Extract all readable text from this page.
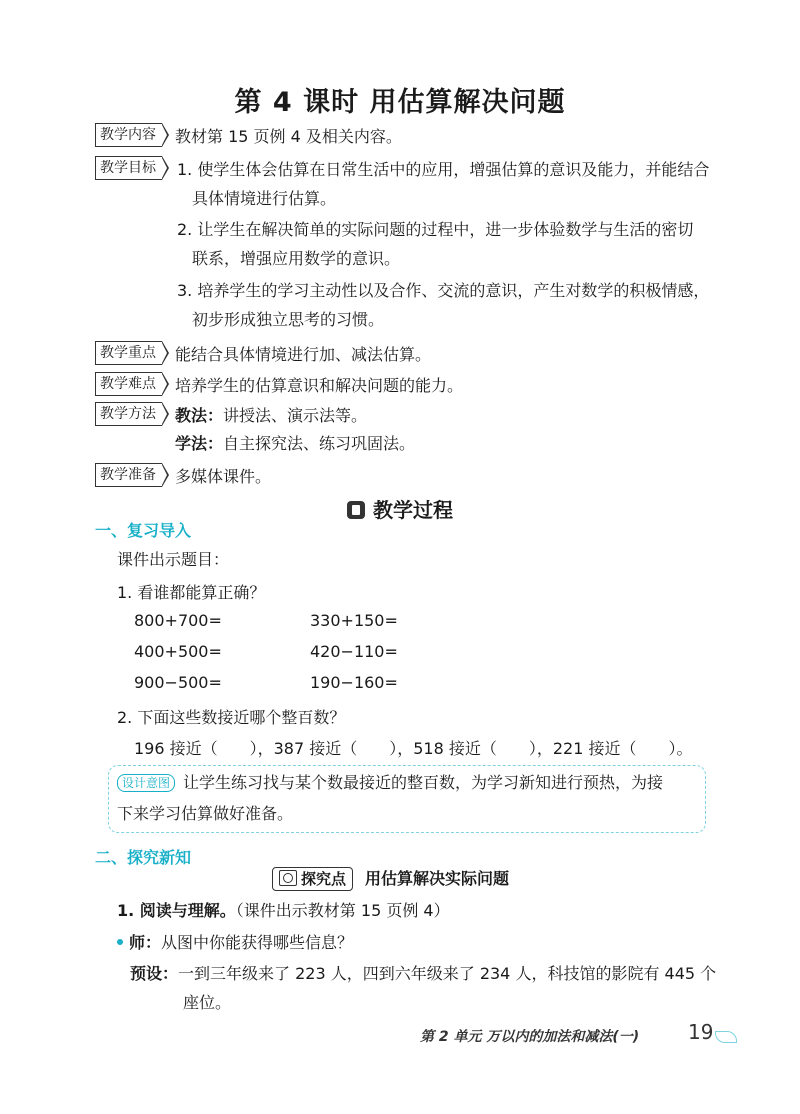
第 4 课时 用估算解决问题
教学内容	教材第 15 页例 4 及相关内容。
教学目标	1. 使学生体会估算在日常生活中的应用，增强估算的意识及能力，并能结合
具体情境进行估算。
2. 让学生在解决简单的实际问题的过程中，进一步体验数学与生活的密切
联系，增强应用数学的意识。
3. 培养学生的学习主动性以及合作、交流的意识，产生对数学的积极情感，
初步形成独立思考的习惯。
教学重点	能结合具体情境进行加、减法估算。
教学难点	培养学生的估算意识和解决问题的能力。
教学方法	教法：讲授法、演示法等。
学法：自主探究法、练习巩固法。
教学准备	多媒体课件。
教学过程
一、复习导入
课件出示题目：
1. 看谁都能算正确？
800+700=	330+150=
400+500=	420−110=
900−500=	190−160=
2. 下面这些数接近哪个整百数？
196 接近（　　），387 接近（　　），518 接近（　　），221 接近（　　）。
设计意图 让学生练习找与某个数最接近的整百数，为学习新知进行预热，为接
下来学习估算做好准备。
二、探究新知
探究点 用估算解决实际问题
1. 阅读与理解。（课件出示教材第 15 页例 4）
师：从图中你能获得哪些信息？
预设：一到三年级来了 223 人，四到六年级来了 234 人，科技馆的影院有 445 个
座位。
第 2 单元 万以内的加法和减法(一) 19
